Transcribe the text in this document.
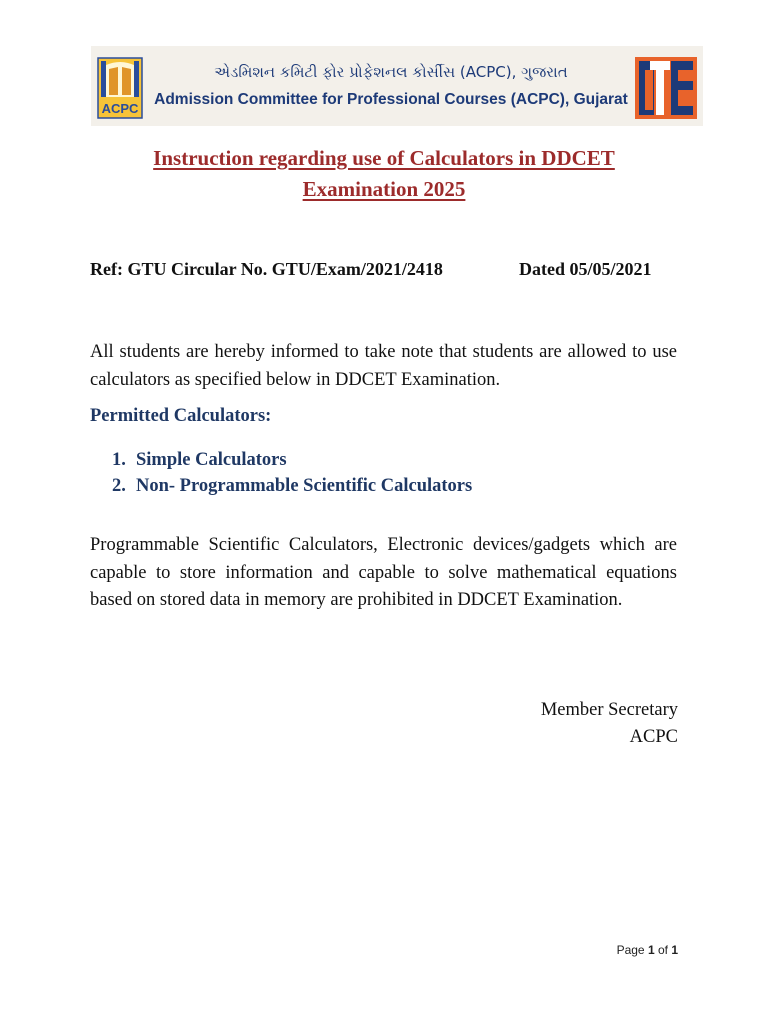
ACPC
એડમિશન કમિટી ફોર પ્રોફેશનલ કોર્સીસ (ACPC), ગુજરાત
Admission Committee for Professional Courses (ACPC), Gujarat
Instruction regarding use of Calculators in DDCET
Examination 2025
Ref: GTU Circular No. GTU/Exam/2021/2418	Dated 05/05/2021
All students are hereby informed to take note that students are allowed to use calculators as specified below in DDCET Examination.
Permitted Calculators:
1. Simple Calculators
2. Non- Programmable Scientific Calculators
Programmable Scientific Calculators, Electronic devices/gadgets which are capable to store information and capable to solve mathematical equations based on stored data in memory are prohibited in DDCET Examination.
Member Secretary
ACPC
Page 1 of 1
